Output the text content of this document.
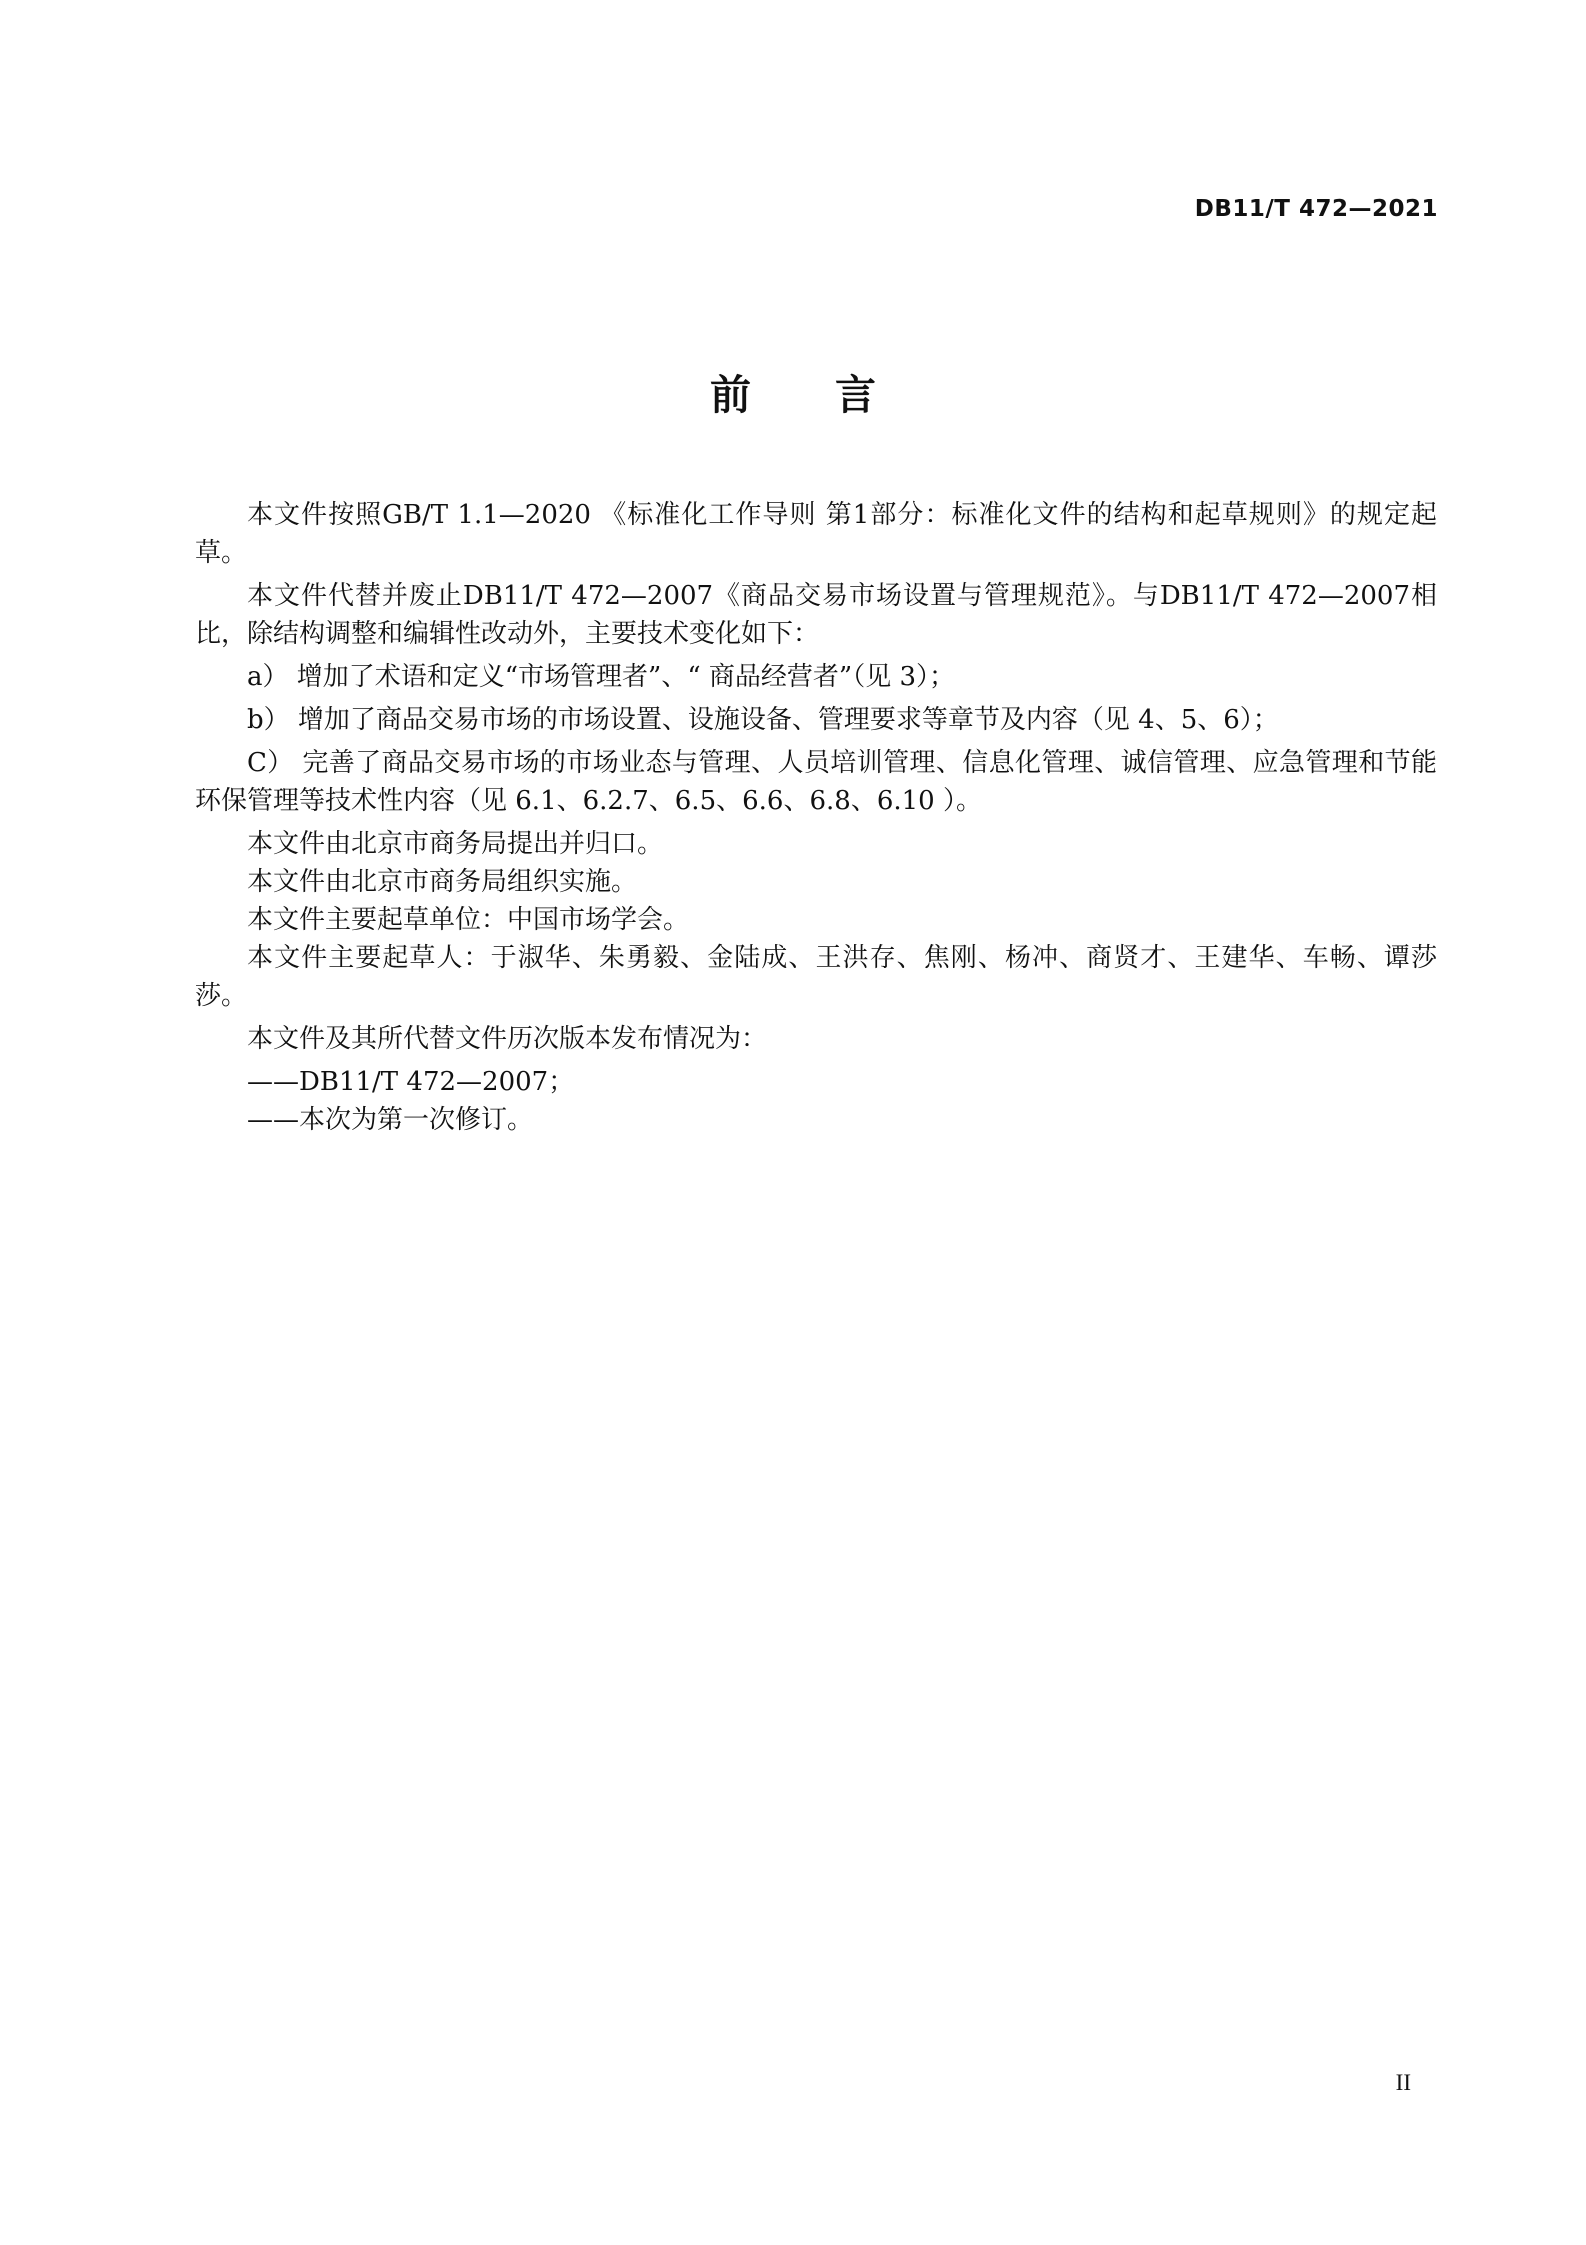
DB11/T 472—2021
前言

本文件按照GB/T 1.1—2020 《标准化工作导则 第1部分：标准化文件的结构和起草规则》的规定起草。

本文件代替并废止DB11/T 472—2007《商品交易市场设置与管理规范》。与DB11/T 472—2007相比，除结构调整和编辑性改动外，主要技术变化如下：

a） 增加了术语和定义“市场管理者”、“ 商品经营者”（见 3）；

b） 增加了商品交易市场的市场设置、设施设备、管理要求等章节及内容（见 4、5、6）；

C） 完善了商品交易市场的市场业态与管理、人员培训管理、信息化管理、诚信管理、应急管理和节能环保管理等技术性内容（见 6.1、6.2.7、6.5、6.6、6.8、6.10 ）。

本文件由北京市商务局提出并归口。

本文件由北京市商务局组织实施。

本文件主要起草单位：中国市场学会。

本文件主要起草人：于淑华、朱勇毅、金陆成、王洪存、焦刚、杨冲、商贤才、王建华、车畅、谭莎莎。

本文件及其所代替文件历次版本发布情况为：

——DB11/T 472—2007；

——本次为第一次修订。

II
